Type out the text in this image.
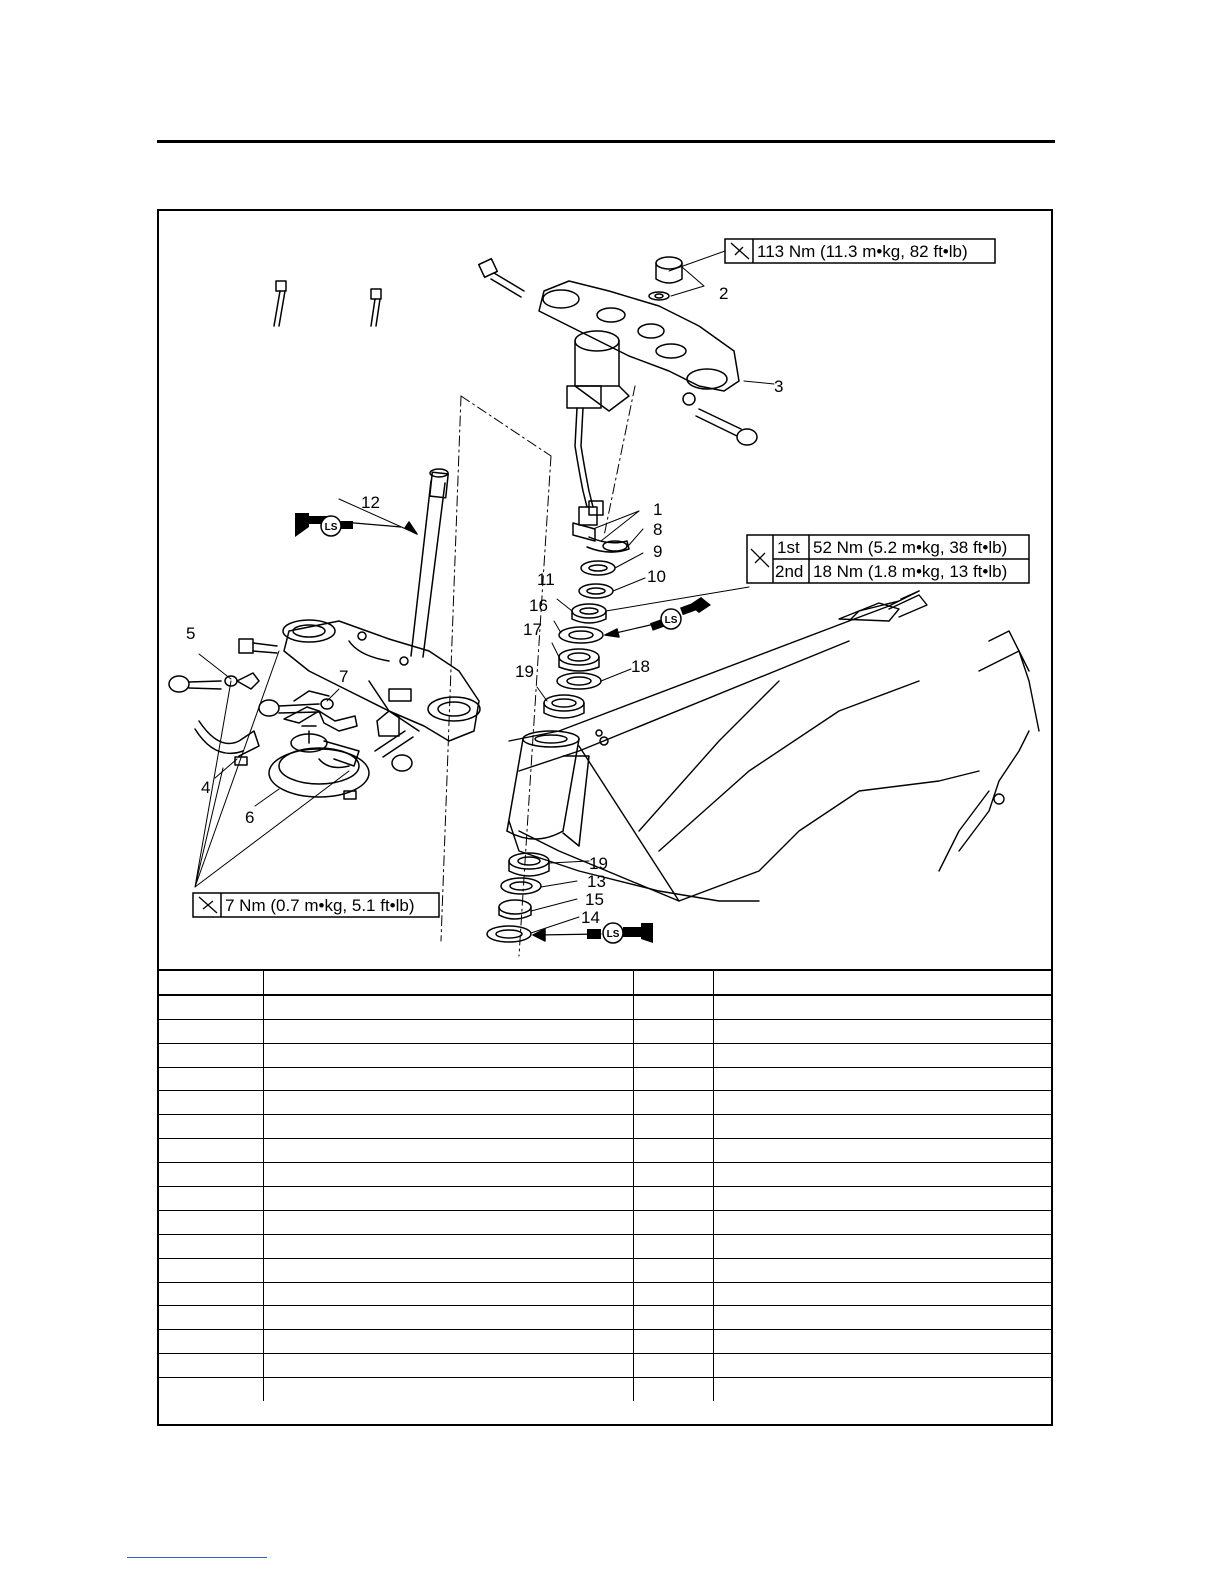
LS
LS
LS
113 Nm (11.3 m•kg, 82 ft•lb)
1st 52 Nm (5.2 m•kg, 38 ft•lb)
2nd 18 Nm (1.8 m•kg, 13 ft•lb)
7 Nm (0.7 m•kg, 5.1 ft•lb)
1
2
3
4
5
6
7
8
9
10
11
12
13
14
15
16
17
18
19
19
